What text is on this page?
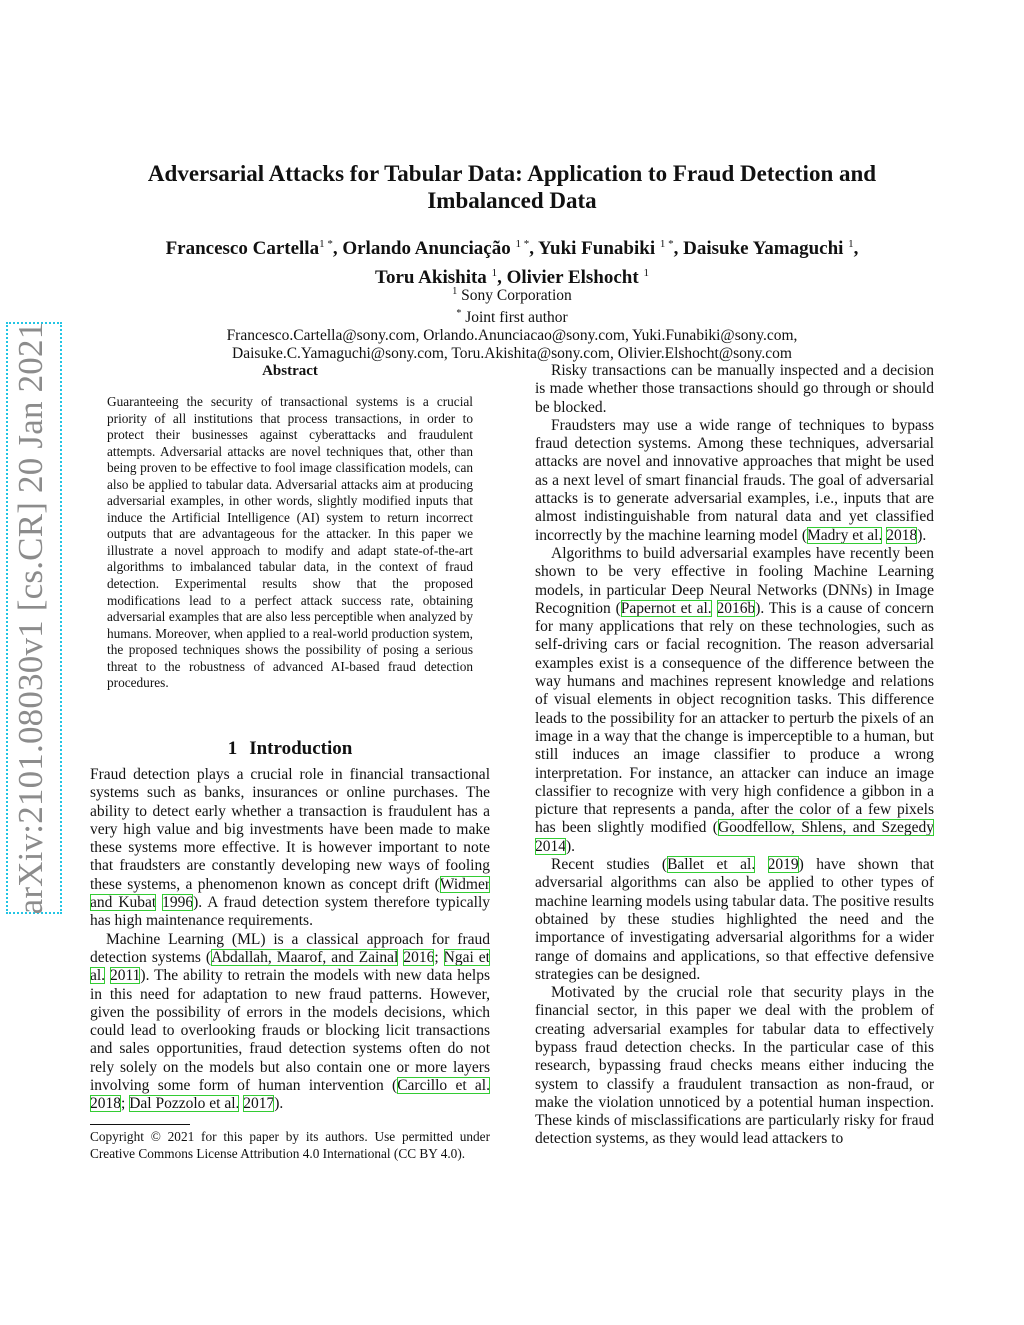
arXiv:2101.08030v1 [cs.CR] 20 Jan 2021
Adversarial Attacks for Tabular Data: Application to Fraud Detection and
Imbalanced Data
Francesco Cartella$^{1 *}$, Orlando Anunciação $^{1 *}$, Yuki Funabiki $^{1 *}$, Daisuke Yamaguchi $^1$,
Toru Akishita $^1$, Olivier Elshocht $^1$
$^1$ Sony Corporation
* Joint first author
Francesco.Cartella@sony.com, Orlando.Anunciacao@sony.com, Yuki.Funabiki@sony.com,
Daisuke.C.Yamaguchi@sony.com, Toru.Akishita@sony.com, Olivier.Elshocht@sony.com
Abstract
Guaranteeing the security of transactional systems is a crucial priority of all institutions that process transactions, in order to protect their businesses against cyberattacks and fraudulent attempts. Adversarial attacks are novel techniques that, other than being proven to be effective to fool image classification models, can also be applied to tabular data. Adversarial attacks aim at producing adversarial examples, in other words, slightly modified inputs that induce the Artificial Intelligence (AI) system to return incorrect outputs that are advantageous for the attacker. In this paper we illustrate a novel approach to modify and adapt state-of-the-art algorithms to imbalanced tabular data, in the context of fraud detection. Experimental results show that the proposed modifications lead to a perfect attack success rate, obtaining adversarial examples that are also less perceptible when analyzed by humans. Moreover, when applied to a real-world production system, the proposed techniques shows the possibility of posing a serious threat to the robustness of advanced AI-based fraud detection procedures.
1 Introduction

Fraud detection plays a crucial role in financial transactional systems such as banks, insurances or online purchases. The ability to detect early whether a transaction is fraudulent has a very high value and big investments have been made to make these systems more effective. It is however important to note that fraudsters are constantly developing new ways of fooling these systems, a phenomenon known as concept drift (Widmer and Kubat 1996). A fraud detection system therefore typically has high maintenance requirements.

Machine Learning (ML) is a classical approach for fraud detection systems (Abdallah, Maarof, and Zainal 2016; Ngai et al. 2011). The ability to retrain the models with new data helps in this need for adaptation to new fraud patterns. However, given the possibility of errors in the models decisions, which could lead to overlooking frauds or blocking licit transactions and sales opportunities, fraud detection systems often do not rely solely on the models but also contain one or more layers involving some form of human intervention (Carcillo et al. 2018; Dal Pozzolo et al. 2017).

Copyright © 2021 for this paper by its authors. Use permitted under Creative Commons License Attribution 4.0 International (CC BY 4.0).

Risky transactions can be manually inspected and a decision is made whether those transactions should go through or should be blocked.

Fraudsters may use a wide range of techniques to bypass fraud detection systems. Among these techniques, adversarial attacks are novel and innovative approaches that might be used as a next level of smart financial frauds. The goal of adversarial attacks is to generate adversarial examples, i.e., inputs that are almost indistinguishable from natural data and yet classified incorrectly by the machine learning model (Madry et al. 2018).

Algorithms to build adversarial examples have recently been shown to be very effective in fooling Machine Learning models, in particular Deep Neural Networks (DNNs) in Image Recognition (Papernot et al. 2016b). This is a cause of concern for many applications that rely on these technologies, such as self-driving cars or facial recognition. The reason adversarial examples exist is a consequence of the difference between the way humans and machines represent knowledge and relations of visual elements in object recognition tasks. This difference leads to the possibility for an attacker to perturb the pixels of an image in a way that the change is imperceptible to a human, but still induces an image classifier to produce a wrong interpretation. For instance, an attacker can induce an image classifier to recognize with very high confidence a gibbon in a picture that represents a panda, after the color of a few pixels has been slightly modified (Goodfellow, Shlens, and Szegedy 2014).

Recent studies (Ballet et al. 2019) have shown that adversarial algorithms can also be applied to other types of machine learning models using tabular data. The positive results obtained by these studies highlighted the need and the importance of investigating adversarial algorithms for a wider range of domains and applications, so that effective defensive strategies can be designed.

Motivated by the crucial role that security plays in the financial sector, in this paper we deal with the problem of creating adversarial examples for tabular data to effectively bypass fraud detection checks. In the particular case of this research, bypassing fraud checks means either inducing the system to classify a fraudulent transaction as non-fraud, or make the violation unnoticed by a potential human inspection. These kinds of misclassifications are particularly risky for fraud detection systems, as they would lead attackers to
